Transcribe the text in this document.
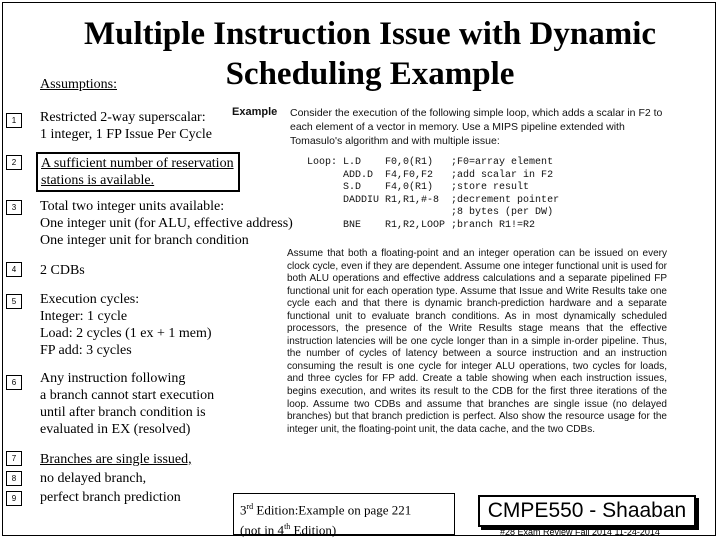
Multiple Instruction Issue with Dynamic
Scheduling Example
Assumptions:
1
2
3
4
5
6
7
8
9
Restricted 2-way superscalar:
1 integer, 1 FP Issue Per Cycle
A sufficient number of reservation
stations is available.
Total two integer units available:
One integer unit (for ALU, effective address)
One integer unit for branch condition
2 CDBs
Execution cycles:
Integer: 1 cycle
Load: 2 cycles (1 ex + 1 mem)
FP add: 3 cycles
Any instruction following
a branch cannot start execution
until after branch condition is
evaluated in EX (resolved)
Branches are single issued,
no delayed branch,
perfect branch prediction
Example Consider the execution of the following simple loop, which adds a scalar in F2 to each element of a vector in memory. Use a MIPS pipeline extended with Tomasulo's algorithm and with multiple issue:
Loop:	L.D	F0,0(R1)	;F0=array element
	ADD.D	F4,F0,F2	;add scalar in F2
	S.D	F4,0(R1)	;store result
	DADDIU	R1,R1,#-8	;decrement pointer
			;8 bytes (per DW)
	BNE	R1,R2,LOOP	;branch R1!=R2
Assume that both a floating-point and an integer operation can be issued on every clock cycle, even if they are dependent. Assume one integer functional unit is used for both ALU operations and effective address calculations and a separate pipelined FP functional unit for each operation type. Assume that Issue and Write Results take one cycle each and that there is dynamic branch-prediction hardware and a separate functional unit to evaluate branch conditions. As in most dynamically scheduled processors, the presence of the Write Results stage means that the effective instruction latencies will be one cycle longer than in a simple in-order pipeline. Thus, the number of cycles of latency between a source instruction and an instruction consuming the result is one cycle for integer ALU operations, two cycles for loads, and three cycles for FP add. Create a table showing when each instruction issues, begins execution, and writes its result to the CDB for the first three iterations of the loop. Assume two CDBs and assume that branches are single issue (no delayed branches) but that branch prediction is perfect. Also show the resource usage for the integer unit, the floating-point unit, the data cache, and the two CDBs.
3rd Edition:Example on page 221
(not in 4th Edition)
CMPE550 - Shaaban
#28 Exam Review Fall 2014 11-24-2014
